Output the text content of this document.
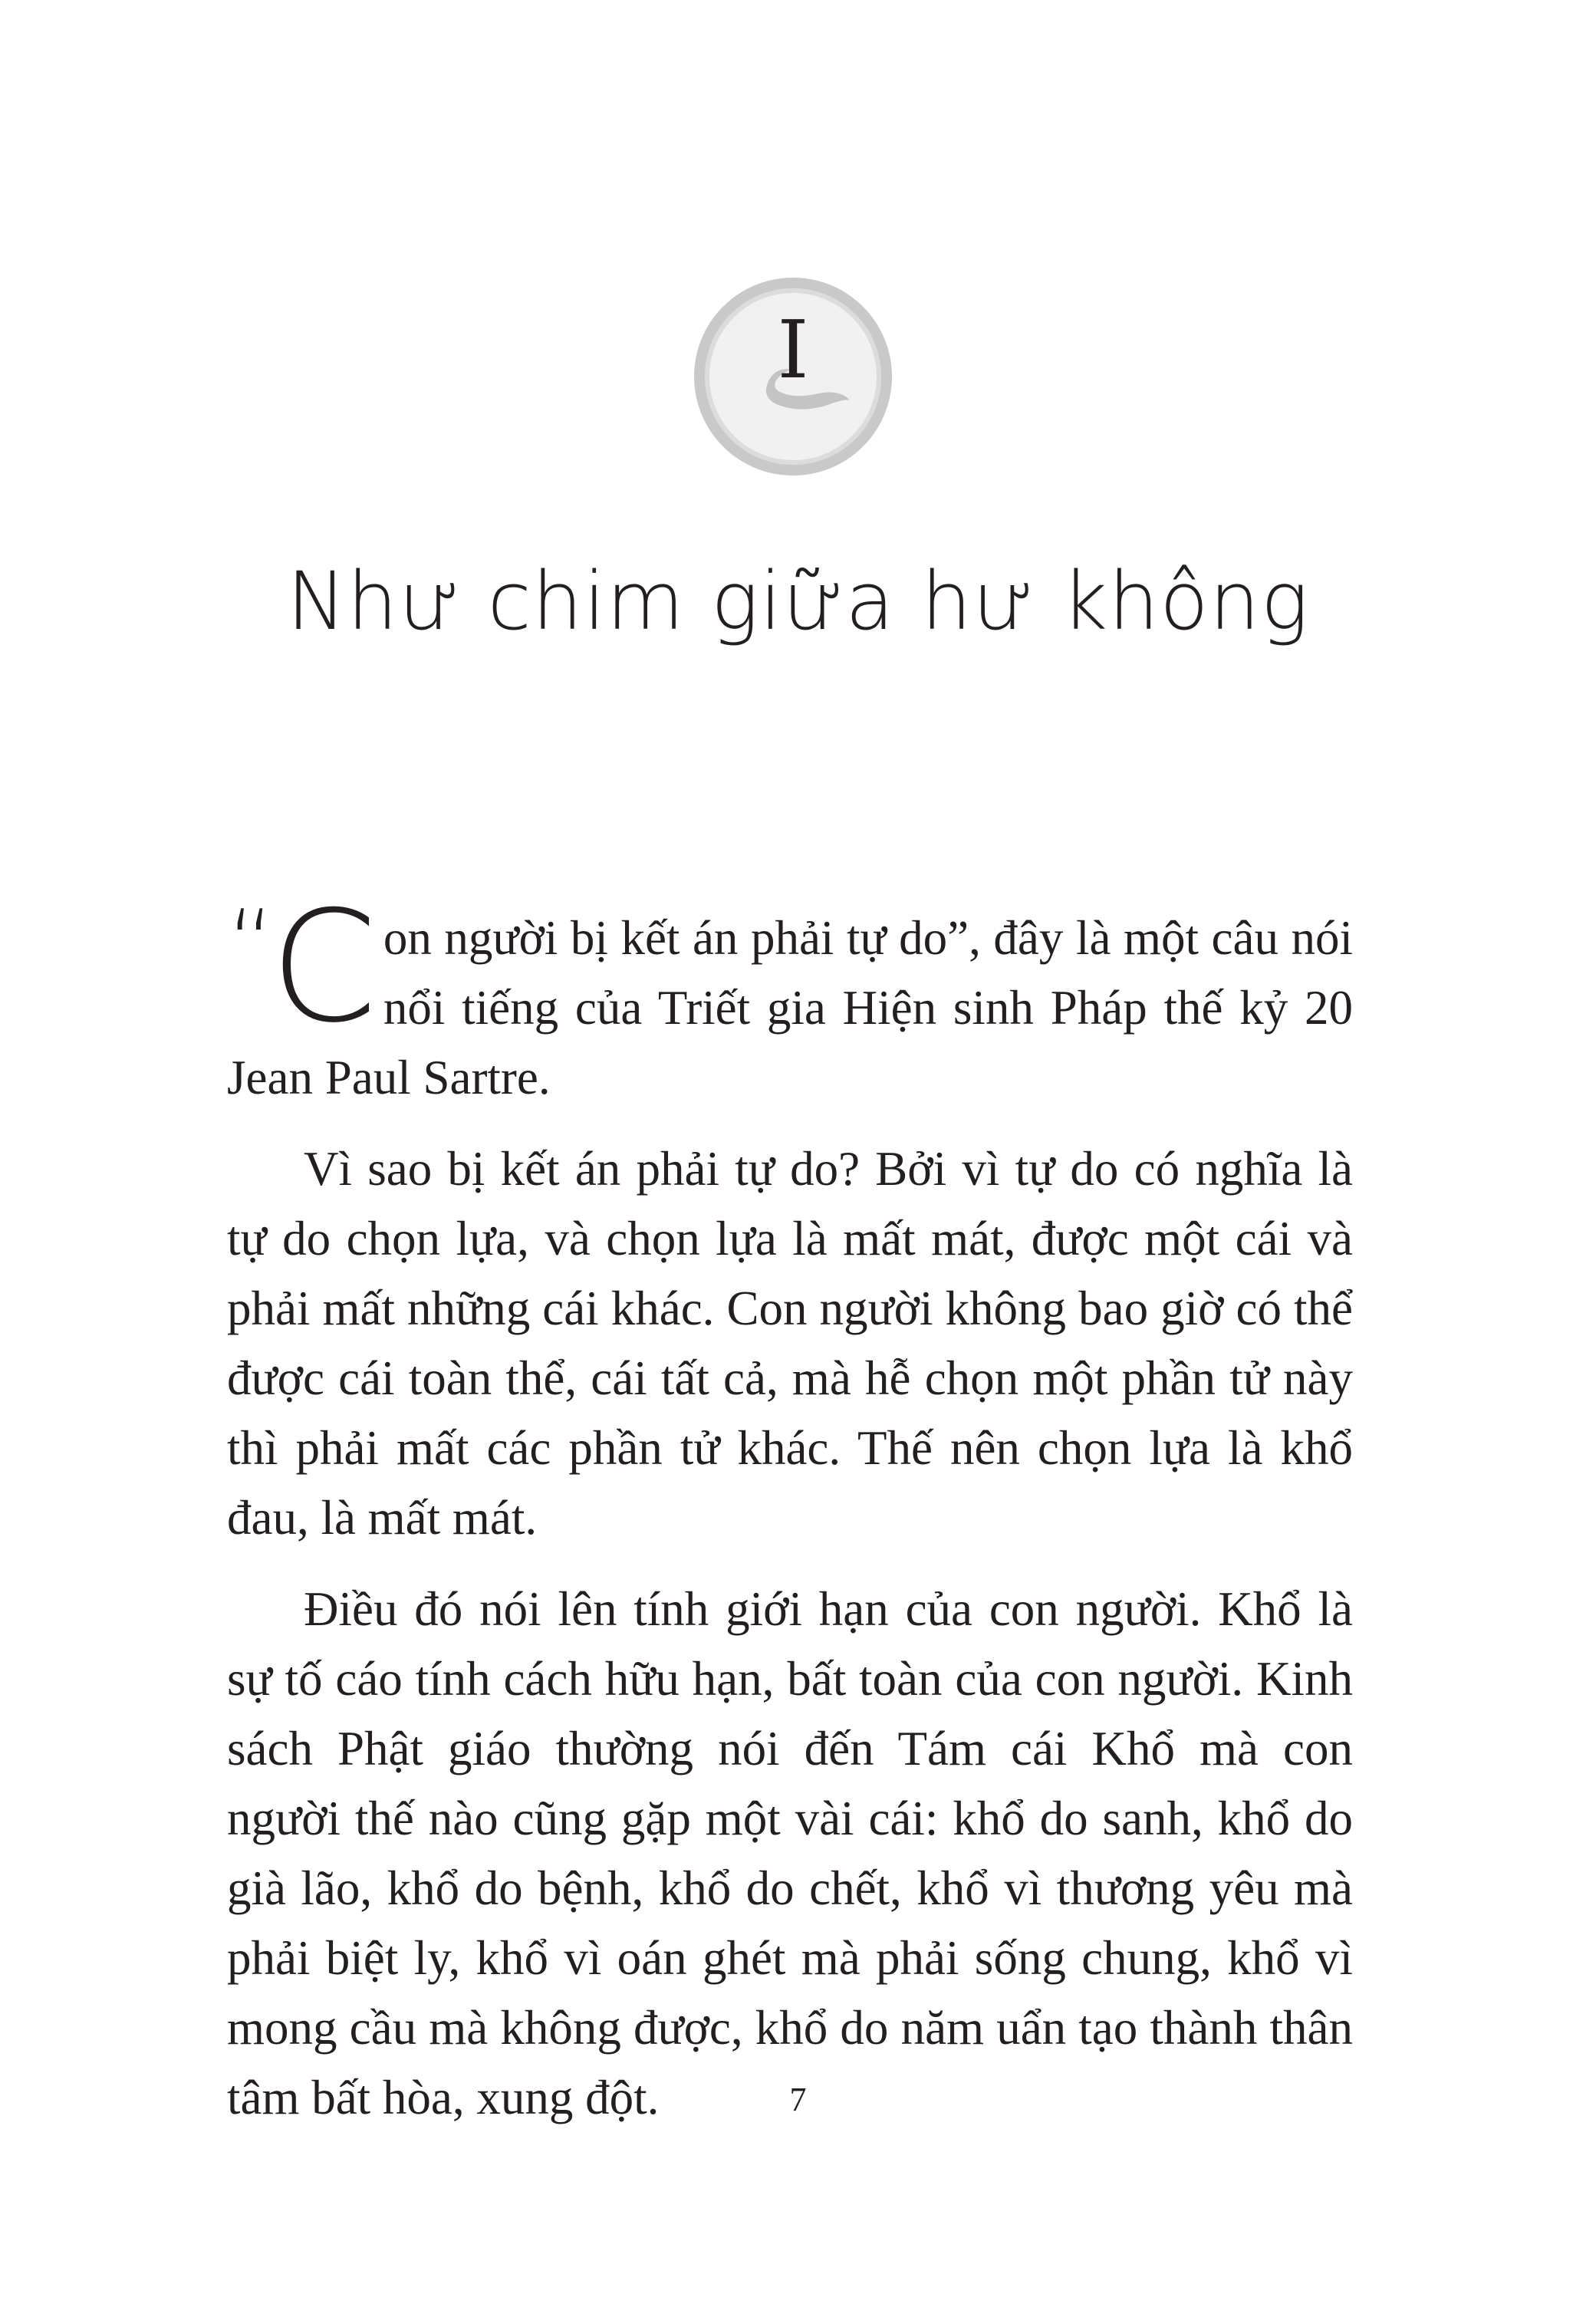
I
Như chim giữa hư không

“C on người bị kết án phải tự do”, đây là một câu nói nổi tiếng của Triết gia Hiện sinh Pháp thế kỷ 20 Jean Paul Sartre.

Vì sao bị kết án phải tự do? Bởi vì tự do có nghĩa là tự do chọn lựa, và chọn lựa là mất mát, được một cái và phải mất những cái khác. Con người không bao giờ có thể được cái toàn thể, cái tất cả, mà hễ chọn một phần tử này thì phải mất các phần tử khác. Thế nên chọn lựa là khổ đau, là mất mát.

Điều đó nói lên tính giới hạn của con người. Khổ là sự tố cáo tính cách hữu hạn, bất toàn của con người. Kinh sách Phật giáo thường nói đến Tám cái Khổ mà con người thế nào cũng gặp một vài cái: khổ do sanh, khổ do già lão, khổ do bệnh, khổ do chết, khổ vì thương yêu mà phải biệt ly, khổ vì oán ghét mà phải sống chung, khổ vì mong cầu mà không được, khổ do năm uẩn tạo thành thân tâm bất hòa, xung đột.	7
